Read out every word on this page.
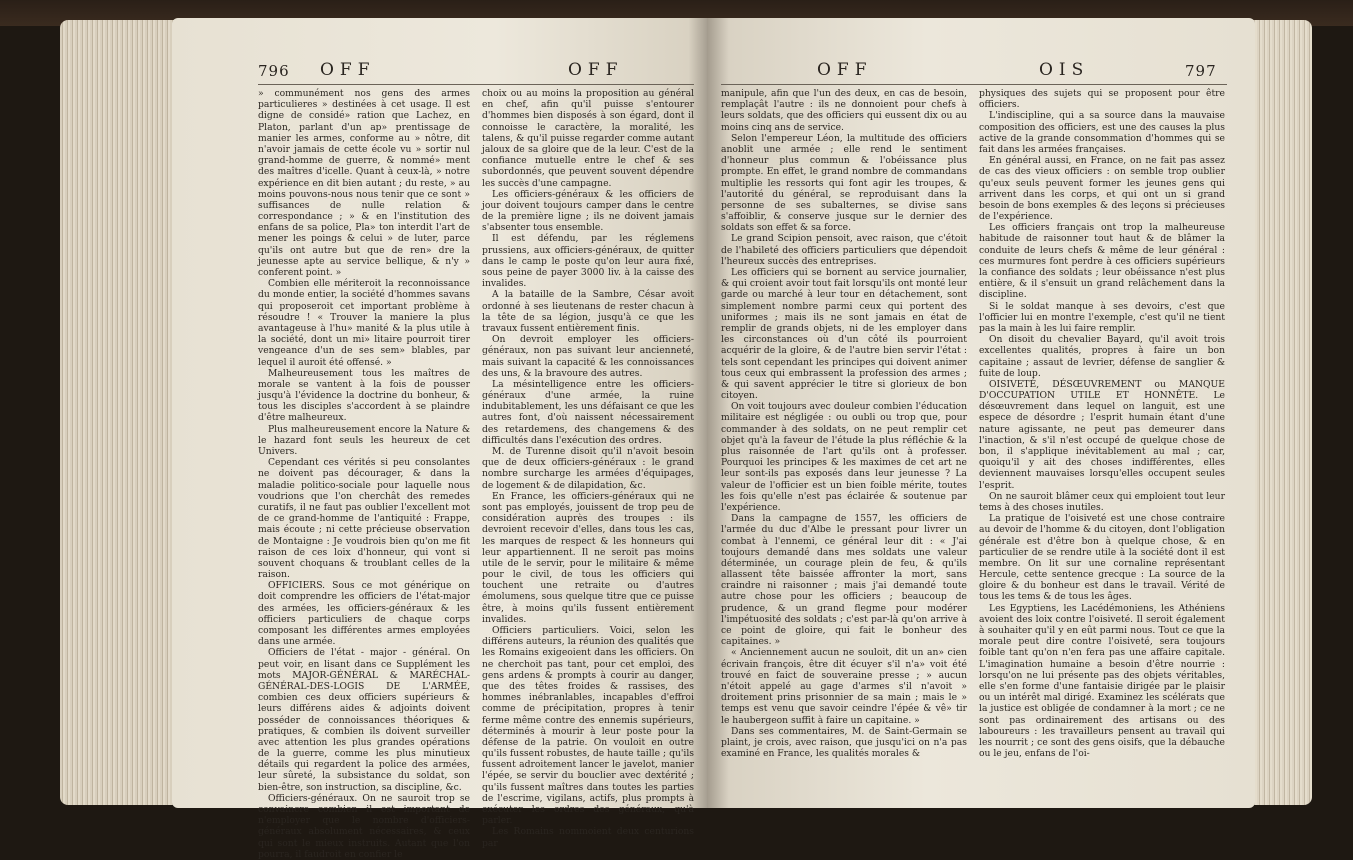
796 OFF	OFF

» communément nos gens des armes particulieres » destinées à cet usage. Il est digne de considé» ration que Lachez, en Platon, parlant d'un ap» prentissage de manier les armes, conforme au » nôtre, dit n'avoir jamais de cette école vu » sortir nul grand-homme de guerre, & nommé» ment des maîtres d'icelle. Quant à ceux-là, » notre expérience en dit bien autant ; du reste, » au moins pouvons-nous nous tenir que ce sont » suffisances de nulle relation & correspondance ; » & en l'institution des enfans de sa police, Pla» ton interdit l'art de mener les poings & celui » de luter, parce qu'ils ont autre but que de ren» dre la jeunesse apte au service bellique, & n'y » conferent point. »

Combien elle mériteroit la reconnoissance du monde entier, la société d'hommes savans qui proposeroit cet important problème à résoudre ! « Trouver la maniere la plus avantageuse à l'hu» manité & la plus utile à la société, dont un mi» litaire pourroit tirer vengeance d'un de ses sem» blables, par lequel il auroit été offensé. »

Malheureusement tous les maîtres de morale se vantent à la fois de pousser jusqu'à l'évidence la doctrine du bonheur, & tous les disciples s'accordent à se plaindre d'être malheureux.

Plus malheureusement encore la Nature & le hazard font seuls les heureux de cet Univers.

Cependant ces vérités si peu consolantes ne doivent pas décourager, & dans la maladie politico-sociale pour laquelle nous voudrions que l'on cherchât des remedes curatifs, il ne faut pas oublier l'excellent mot de ce grand-homme de l'antiquité : Frappe, mais écoute ; ni cette précieuse observation de Montaigne : Je voudrois bien qu'on me fit raison de ces loix d'honneur, qui vont si souvent choquans & troublant celles de la raison.

OFFICIERS. Sous ce mot générique on doit comprendre les officiers de l'état-major des armées, les officiers-généraux & les officiers particuliers de chaque corps composant les différentes armes employées dans une armée.

Officiers de l'état - major - général. On peut voir, en lisant dans ce Supplément les mots MAJOR-GÉNÉRAL & MARÉCHAL-GÉNÉRAL-DES-LOGIS DE L'ARMÉE, combien ces deux officiers supérieurs & leurs différens aides & adjoints doivent posséder de connoissances théoriques & pratiques, & combien ils doivent surveiller avec attention les plus grandes opérations de la guerre, comme les plus minutieux détails qui regardent la police des armées, leur sûreté, la subsistance du soldat, son bien-être, son instruction, sa discipline, &c.

Officiers-généraux. On ne sauroit trop se convaincre combien il est important de n'employer que le nombre d'officiers-généraux absolument nécessaires, & ceux qui sont le mieux instruits. Autant que l'on pourra, il faudroit en confier le

choix ou au moins la proposition au général en chef, afin qu'il puisse s'entourer d'hommes bien disposés à son égard, dont il connoisse le caractère, la moralité, les talens, & qu'il puisse regarder comme autant jaloux de sa gloire que de la leur. C'est de la confiance mutuelle entre le chef & ses subordonnés, que peuvent souvent dépendre les succès d'une campagne.

Les officiers-généraux & les officiers de jour doivent toujours camper dans le centre de la première ligne ; ils ne doivent jamais s'absenter tous ensemble.

Il est défendu, par les réglemens prussiens, aux officiers-généraux, de quitter dans le camp le poste qu'on leur aura fixé, sous peine de payer 3000 liv. à la caisse des invalides.

A la bataille de la Sambre, César avoit ordonné à ses lieutenans de rester chacun à la tête de sa légion, jusqu'à ce que les travaux fussent entièrement finis.

On devroit employer les officiers-généraux, non pas suivant leur ancienneté, mais suivant la capacité & les connoissances des uns, & la bravoure des autres.

La mésintelligence entre les officiers-généraux d'une armée, la ruine indubitablement, les uns défaisant ce que les autres font, d'où naissent nécessairement des retardemens, des changemens & des difficultés dans l'exécution des ordres.

M. de Turenne disoit qu'il n'avoit besoin que de deux officiers-généraux : le grand nombre surcharge les armées d'équipages, de logement & de dilapidation, &c.

En France, les officiers-généraux qui ne sont pas employés, jouissent de trop peu de considération auprès des troupes : ils devroient recevoir d'elles, dans tous les cas, les marques de respect & les honneurs qui leur appartiennent. Il ne seroit pas moins utile de le servir, pour le militaire & même pour le civil, de tous les officiers qui touchent une retraite ou d'autres émolumens, sous quelque titre que ce puisse être, à moins qu'ils fussent entièrement invalides.

Officiers particuliers. Voici, selon les différens auteurs, la réunion des qualités que les Romains exigeoient dans les officiers. On ne cherchoit pas tant, pour cet emploi, des gens ardens & prompts à courir au danger, que des têtes froides & rassises, des hommes inébranlables, incapables d'effroi comme de précipitation, propres à tenir ferme même contre des ennemis supérieurs, déterminés à mourir à leur poste pour la défense de la patrie. On vouloit en outre qu'ils fussent robustes, de haute taille ; qu'ils fussent adroitement lancer le javelot, manier l'épée, se servir du bouclier avec dextérité ; qu'ils fussent maîtres dans toutes les parties de l'escrime, vigilans, actifs, plus prompts à exécuter les ordres des généraux, qu'à parler.

Les Romains nommoient deux centurions par

OFF	OIS	797

manipule, afin que l'un des deux, en cas de besoin, remplaçât l'autre : ils ne donnoient pour chefs à leurs soldats, que des officiers qui eussent dix ou au moins cinq ans de service.

Selon l'empereur Léon, la multitude des officiers anoblit une armée ; elle rend le sentiment d'honneur plus commun & l'obéissance plus prompte. En effet, le grand nombre de commandans multiplie les ressorts qui font agir les troupes, & l'autorité du général, se reproduisant dans la personne de ses subalternes, se divise sans s'affoiblir, & conserve jusque sur le dernier des soldats son effet & sa force.

Le grand Scipion pensoit, avec raison, que c'étoit de l'habileté des officiers particuliers que dépendoit l'heureux succès des entreprises.

Les officiers qui se bornent au service journalier, & qui croient avoir tout fait lorsqu'ils ont monté leur garde ou marché à leur tour en détachement, sont simplement nombre parmi ceux qui portent des uniformes ; mais ils ne sont jamais en état de remplir de grands objets, ni de les employer dans les circonstances où d'un côté ils pourroient acquérir de la gloire, & de l'autre bien servir l'état : tels sont cependant les principes qui doivent animer tous ceux qui embrassent la profession des armes ; & qui savent apprécier le titre si glorieux de bon citoyen.

On voit toujours avec douleur combien l'éducation militaire est négligée : ou oubli ou trop que, pour commander à des soldats, on ne peut remplir cet objet qu'à la faveur de l'étude la plus réfléchie & la plus raisonnée de l'art qu'ils ont à professer. Pourquoi les principes & les maximes de cet art ne leur sont-ils pas exposés dans leur jeunesse ? La valeur de l'officier est un bien foible mérite, toutes les fois qu'elle n'est pas éclairée & soutenue par l'expérience.

Dans la campagne de 1557, les officiers de l'armée du duc d'Albe le pressant pour livrer un combat à l'ennemi, ce général leur dit : « J'ai toujours demandé dans mes soldats une valeur déterminée, un courage plein de feu, & qu'ils allassent tête baissée affronter la mort, sans craindre ni raisonner ; mais j'ai demandé toute autre chose pour les officiers ; beaucoup de prudence, & un grand flegme pour modérer l'impétuosité des soldats ; c'est par-là qu'on arrive à ce point de gloire, qui fait le bonheur des capitaines. »

« Anciennement aucun ne souloit, dit un an» cien écrivain françois, être dit écuyer s'il n'a» voit été trouvé en faict de souveraine presse ; » aucun n'étoit appelé au gage d'armes s'il n'avoit » droitement prins prisonnier de sa main ; mais le » temps est venu que savoir ceindre l'épée & vê» tir le haubergeon suffit à faire un capitaine. »

Dans ses commentaires, M. de Saint-Germain se plaint, je crois, avec raison, que jusqu'ici on n'a pas examiné en France, les qualités morales &

physiques des sujets qui se proposent pour être officiers.

L'indiscipline, qui a sa source dans la mauvaise composition des officiers, est une des causes la plus active de la grande consommation d'hommes qui se fait dans les armées françaises.

En général aussi, en France, on ne fait pas assez de cas des vieux officiers : on semble trop oublier qu'eux seuls peuvent former les jeunes gens qui arrivent dans les corps, et qui ont un si grand besoin de bons exemples & des leçons si précieuses de l'expérience.

Les officiers français ont trop la malheureuse habitude de raisonner tout haut & de blâmer la conduite de leurs chefs & même de leur général : ces murmures font perdre à ces officiers supérieurs la confiance des soldats ; leur obéissance n'est plus entière, & il s'ensuit un grand relâchement dans la discipline.

Si le soldat manque à ses devoirs, c'est que l'officier lui en montre l'exemple, c'est qu'il ne tient pas la main à les lui faire remplir.

On disoit du chevalier Bayard, qu'il avoit trois excellentes qualités, propres à faire un bon capitaine ; assaut de levrier, défense de sanglier & fuite de loup.

OISIVETÉ, DÉSŒUVREMENT ou MANQUE D'OCCUPATION UTILE ET HONNÊTE. Le désœuvrement dans lequel on languit, est une espece de désordre ; l'esprit humain étant d'une nature agissante, ne peut pas demeurer dans l'inaction, & s'il n'est occupé de quelque chose de bon, il s'applique inévitablement au mal ; car, quoiqu'il y ait des choses indifférentes, elles deviennent mauvaises lorsqu'elles occupent seules l'esprit.

On ne sauroit blâmer ceux qui emploient tout leur tems à des choses inutiles.

La pratique de l'oisiveté est une chose contraire au devoir de l'homme & du citoyen, dont l'obligation générale est d'être bon à quelque chose, & en particulier de se rendre utile à la société dont il est membre. On lit sur une cornaline représentant Hercule, cette sentence grecque : La source de la gloire & du bonheur est dans le travail. Vérité de tous les tems & de tous les âges.

Les Egyptiens, les Lacédémoniens, les Athéniens avoient des loix contre l'oisiveté. Il seroit également à souhaiter qu'il y en eût parmi nous. Tout ce que la morale peut dire contre l'oisiveté, sera toujours foible tant qu'on n'en fera pas une affaire capitale. L'imagination humaine a besoin d'être nourrie : lorsqu'on ne lui présente pas des objets véritables, elle s'en forme d'une fantaisie dirigée par le plaisir ou un intérêt mal dirigé. Examinez les scélérats que la justice est obligée de condamner à la mort ; ce ne sont pas ordinairement des artisans ou des laboureurs : les travailleurs pensent au travail qui les nourrit ; ce sont des gens oisifs, que la débauche ou le jeu, enfans de l'oi-
